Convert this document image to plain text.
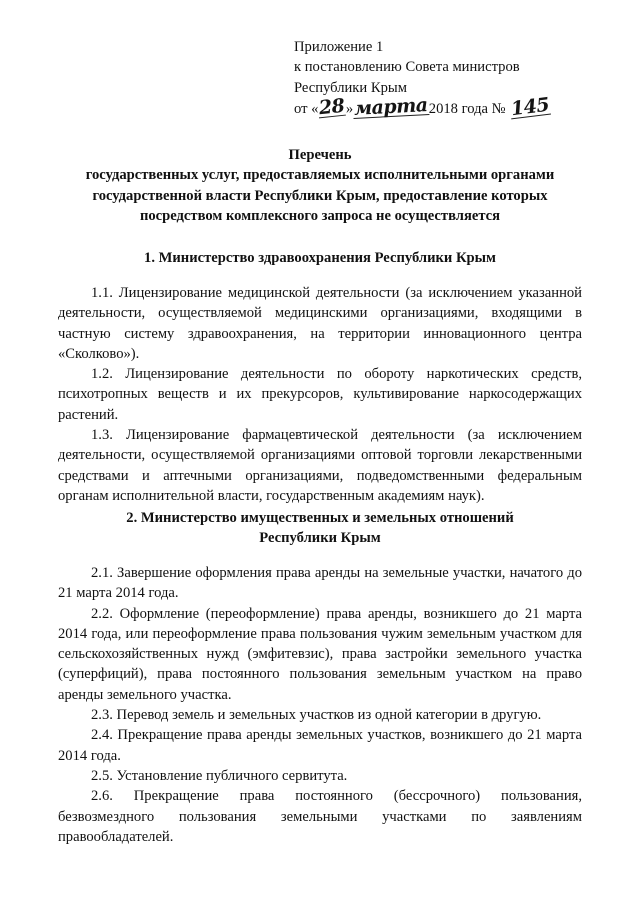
Приложение 1
к постановлению Совета министров
Республики Крым
от «28»марта2018 года № 145
Перечень
государственных услуг, предоставляемых исполнительными органами
государственной власти Республики Крым, предоставление которых
посредством комплексного запроса не осуществляется
1. Министерство здравоохранения Республики Крым

1.1. Лицензирование медицинской деятельности (за исключением указанной деятельности, осуществляемой медицинскими организациями, входящими в частную систему здравоохранения, на территории инновационного центра «Сколково»).

1.2. Лицензирование деятельности по обороту наркотических средств, психотропных веществ и их прекурсоров, культивирование наркосодержащих растений.

1.3. Лицензирование фармацевтической деятельности (за исключением деятельности, осуществляемой организациями оптовой торговли лекарственными средствами и аптечными организациями, подведомственными федеральным органам исполнительной власти, государственным академиям наук).

2. Министерство имущественных и земельных отношений
Республики Крым

2.1. Завершение оформления права аренды на земельные участки, начатого до 21 марта 2014 года.

2.2. Оформление (переоформление) права аренды, возникшего до 21 марта 2014 года, или переоформление права пользования чужим земельным участком для сельскохозяйственных нужд (эмфитевзис), права застройки земельного участка (суперфиций), права постоянного пользования земельным участком на право аренды земельного участка.

2.3. Перевод земель и земельных участков из одной категории в другую.

2.4. Прекращение права аренды земельных участков, возникшего до 21 марта 2014 года.

2.5. Установление публичного сервитута.

2.6. Прекращение права постоянного (бессрочного) пользования, безвозмездного пользования земельными участками по заявлениям правообладателей.
